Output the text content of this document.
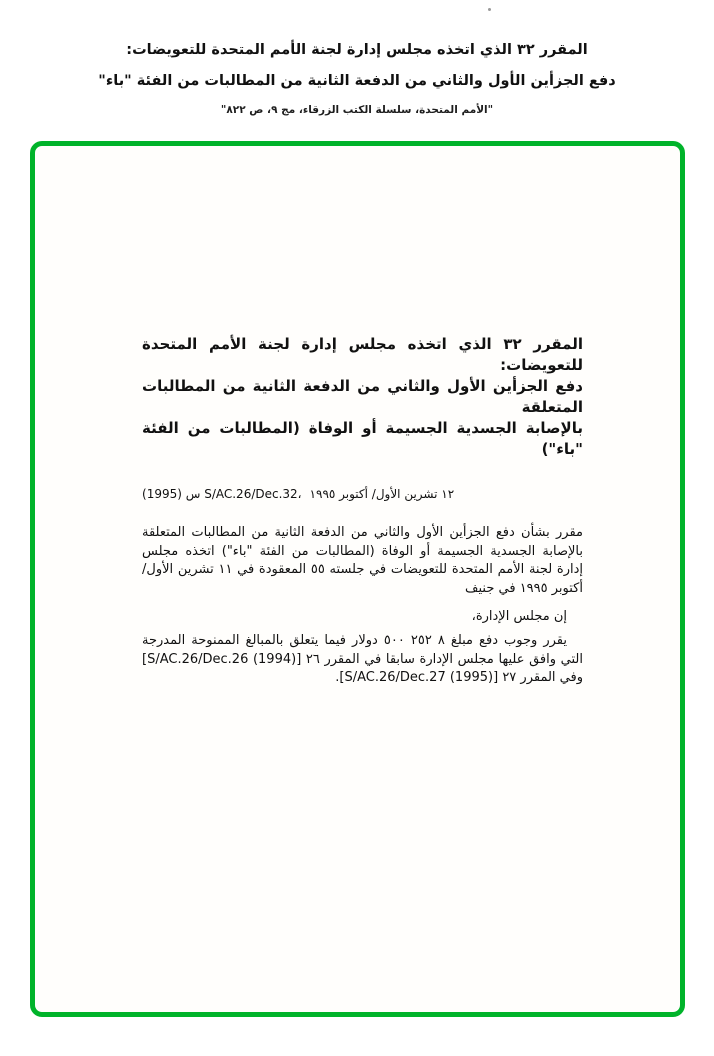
المقرر ٣٢ الذي اتخذه مجلس إدارة لجنة الأمم المتحدة للتعويضات:
دفع الجزأين الأول والثاني من الدفعة الثانية من المطالبات من الفئة "باء"
"الأمم المتحدة، سلسلة الكتب الزرقاء، مج ٩، ص ٨٢٢"
المقرر ٣٢ الذي اتخذه مجلس إدارة لجنة الأمم المتحدة للتعويضات:
دفع الجزأين الأول والثاني من الدفعة الثانية من المطالبات المتعلقة
بالإصابة الجسدية الجسيمة أو الوفاة (المطالبات من الفئة "باء")
س (1995) S/AC.26/Dec.32، ١٢ تشرين الأول/ أكتوبر ١٩٩٥

مقرر بشأن دفع الجزأين الأول والثاني من الدفعة الثانية من المطالبات المتعلقة بالإصابة الجسدية الجسيمة أو الوفاة (المطالبات من الفئة "باء") اتخذه مجلس إدارة لجنة الأمم المتحدة للتعويضات في جلسته ٥٥ المعقودة في ١١ تشرين الأول/ أكتوبر ١٩٩٥ في جنيف

إن مجلس الإدارة،

يقرر وجوب دفع مبلغ ٨ ٢٥٢ ٥٠٠ دولار فيما يتعلق بالمبالغ الممنوحة المدرجة التي وافق عليها مجلس الإدارة سابقا في المقرر ٢٦ [S/AC.26/Dec.26 (1994)] وفي المقرر ٢٧ [S/AC.26/Dec.27 (1995)].
